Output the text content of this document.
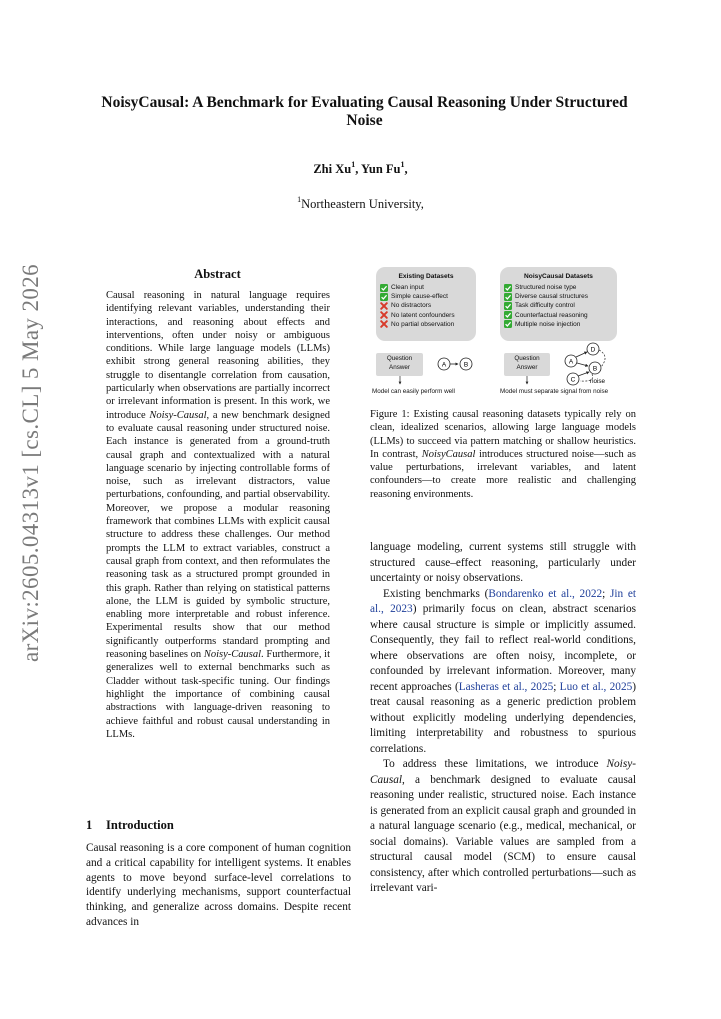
arXiv:2605.04313v1 [cs.CL] 5 May 2026
NoisyCausal: A Benchmark for Evaluating Causal Reasoning Under Structured Noise
Zhi Xu$^1$, Yun Fu$^1$,
$^1$Northeastern University,
Abstract
Causal reasoning in natural language requires identifying relevant variables, understanding their interactions, and reasoning about effects and interventions, often under noisy or ambiguous conditions. While large language models (LLMs) exhibit strong general reasoning abilities, they struggle to disentangle correlation from causation, particularly when observations are partially incorrect or irrelevant information is present. In this work, we introduce Noisy-Causal, a new benchmark designed to evaluate causal reasoning under structured noise. Each instance is generated from a ground-truth causal graph and contextualized with a natural language scenario by injecting controllable forms of noise, such as irrelevant distractors, value perturbations, confounding, and partial observability. Moreover, we propose a modular reasoning framework that combines LLMs with explicit causal structure to address these challenges. Our method prompts the LLM to extract variables, construct a causal graph from context, and then reformulates the reasoning task as a structured prompt grounded in this graph. Rather than relying on statistical patterns alone, the LLM is guided by symbolic structure, enabling more interpretable and robust inference. Experimental results show that our method significantly outperforms standard prompting and reasoning baselines on Noisy-Causal. Furthermore, it generalizes well to external benchmarks such as Cladder without task-specific tuning. Our findings highlight the importance of combining causal abstractions with language-driven reasoning to achieve faithful and robust causal understanding in LLMs.
1 Introduction
Causal reasoning is a core component of human cognition and a critical capability for intelligent systems. It enables agents to move beyond surface-level correlations to identify underlying mechanisms, support counterfactual thinking, and generalize across domains. Despite recent advances in
Existing Datasets
Clean input
Simple cause-effect
No distractors
No latent confounders
No partial observation
NoisyCausal Datasets
Structured noise type
Diverse causal structures
Task difficulty control
Counterfactual reasoning
Multiple noise injection
Question
Answer
Question
Answer
A	B	A
B
C
D
noise
Model can easily perform well	Model must separate signal from noise
Figure 1: Existing causal reasoning datasets typically rely on clean, idealized scenarios, allowing large language models (LLMs) to succeed via pattern matching or shallow heuristics. In contrast, NoisyCausal introduces structured noise—such as value perturbations, irrelevant variables, and latent confounders—to create more realistic and challenging reasoning environments.

language modeling, current systems still struggle with structured cause–effect reasoning, particularly under uncertainty or noisy observations.

Existing benchmarks (Bondarenko et al., 2022; Jin et al., 2023) primarily focus on clean, abstract scenarios where causal structure is simple or implicitly assumed. Consequently, they fail to reflect real-world conditions, where observations are often noisy, incomplete, or confounded by irrelevant information. Moreover, many recent approaches (Lasheras et al., 2025; Luo et al., 2025) treat causal reasoning as a generic prediction problem without explicitly modeling underlying dependencies, limiting interpretability and robustness to spurious correlations.

To address these limitations, we introduce Noisy-Causal, a benchmark designed to evaluate causal reasoning under realistic, structured noise. Each instance is generated from an explicit causal graph and grounded in a natural language scenario (e.g., medical, mechanical, or social domains). Variable values are sampled from a structural causal model (SCM) to ensure causal consistency, after which controlled perturbations—such as irrelevant vari-
